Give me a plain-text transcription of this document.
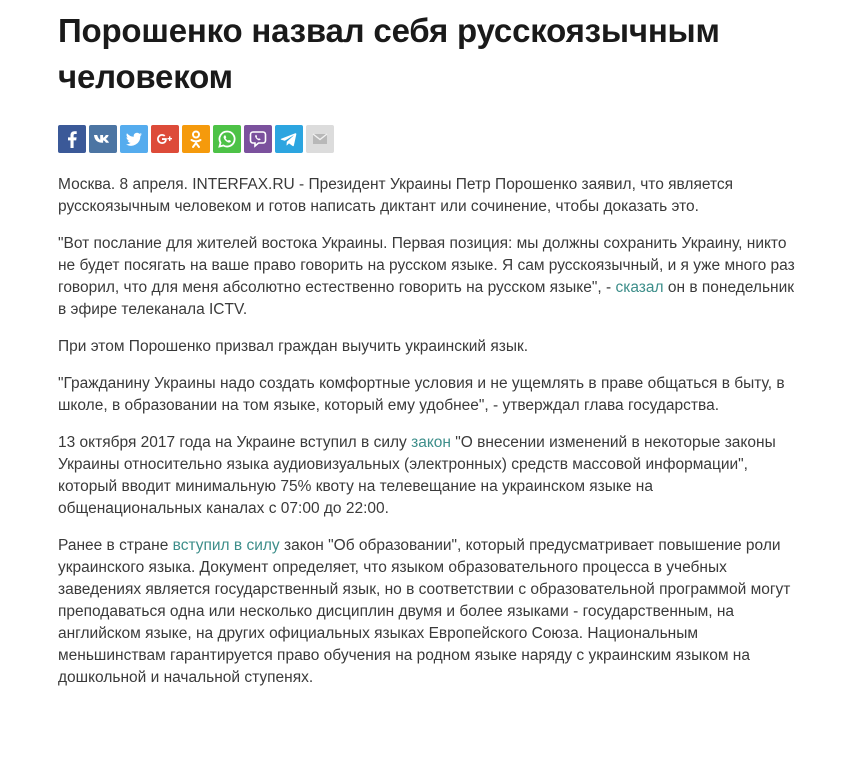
Порошенко назвал себя русскоязычным человеком

Москва. 8 апреля. INTERFAX.RU - Президент Украины Петр Порошенко заявил, что является русскоязычным человеком и готов написать диктант или сочинение, чтобы доказать это.

"Вот послание для жителей востока Украины. Первая позиция: мы должны сохранить Украину, никто не будет посягать на ваше право говорить на русском языке. Я сам русскоязычный, и я уже много раз говорил, что для меня абсолютно естественно говорить на русском языке", - сказал он в понедельник в эфире телеканала ICTV.

При этом Порошенко призвал граждан выучить украинский язык.

"Гражданину Украины надо создать комфортные условия и не ущемлять в праве общаться в быту, в школе, в образовании на том языке, который ему удобнее", - утверждал глава государства.

13 октября 2017 года на Украине вступил в силу закон "О внесении изменений в некоторые законы Украины относительно языка аудиовизуальных (электронных) средств массовой информации", который вводит минимальную 75% квоту на телевещание на украинском языке на общенациональных каналах с 07:00 до 22:00.

Ранее в стране вступил в силу закон "Об образовании", который предусматривает повышение роли украинского языка. Документ определяет, что языком образовательного процесса в учебных заведениях является государственный язык, но в соответствии с образовательной программой могут преподаваться одна или несколько дисциплин двумя и более языками - государственным, на английском языке, на других официальных языках Европейского Союза. Национальным меньшинствам гарантируется право обучения на родном языке наряду с украинским языком на дошкольной и начальной ступенях.
